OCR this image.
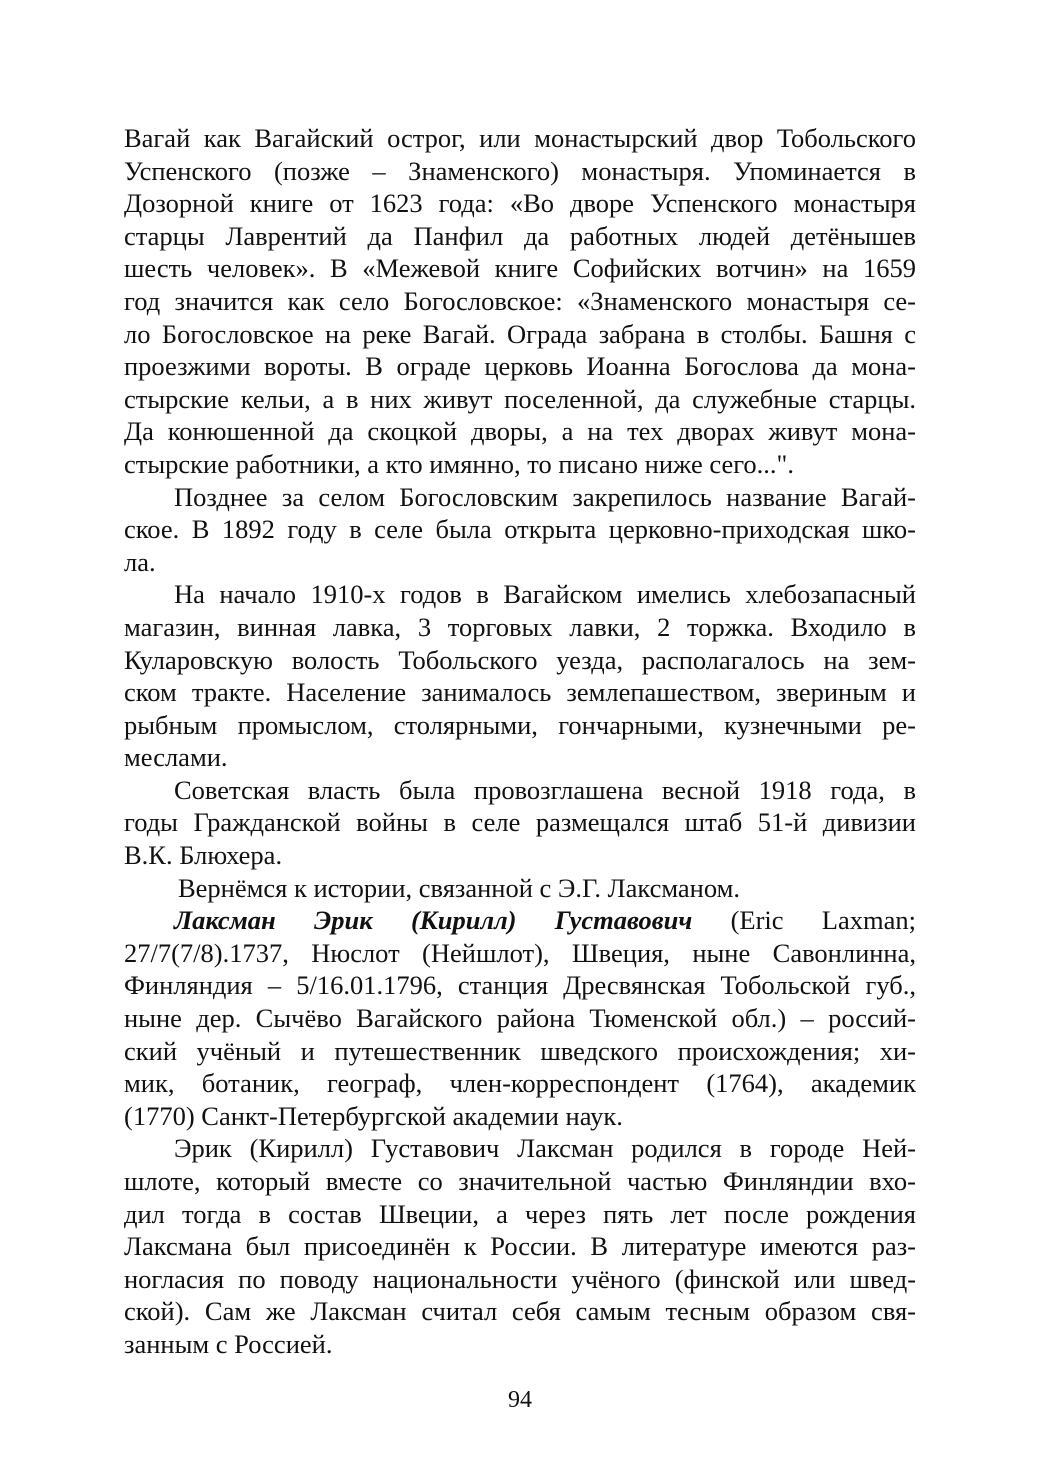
Вагай как Вагайский острог, или монастырский двор Тобольского
Успенского (позже – Знаменского) монастыря. Упоминается в
Дозорной книге от 1623 года: «Во дворе Успенского монастыря
старцы Лаврентий да Панфил да работных людей детёнышев
шесть человек». В «Межевой книге Софийских вотчин» на 1659
год значится как село Богословское: «Знаменского монастыря се-
ло Богословское на реке Вагай. Ограда забрана в столбы. Башня с
проезжими вороты. В ограде церковь Иоанна Богослова да мона-
стырские кельи, а в них живут поселенной, да служебные старцы.
Да конюшенной да скоцкой дворы, а на тех дворах живут мона-
стырские работники, а кто имянно, то писано ниже сего...".
Позднее за селом Богословским закрепилось название Вагай-
ское. В 1892 году в селе была открыта церковно-приходская шко-
ла.
На начало 1910-х годов в Вагайском имелись хлебозапасный
магазин, винная лавка, 3 торговых лавки, 2 торжка. Входило в
Куларовскую волость Тобольского уезда, располагалось на зем-
ском тракте. Население занималось землепашеством, звериным и
рыбным промыслом, столярными, гончарными, кузнечными ре-
меслами.
Советская власть была провозглашена весной 1918 года, в
годы Гражданской войны в селе размещался штаб 51-й дивизии
В.К. Блюхера.
Вернёмся к истории, связанной с Э.Г. Лаксманом.
Лаксман Эрик (Кирилл) Густавович (Eric Laxman;
27/7(7/8).1737, Нюслот (Нейшлот), Швеция, ныне Савонлинна,
Финляндия – 5/16.01.1796, станция Дресвянская Тобольской губ.,
ныне дер. Сычёво Вагайского района Тюменской обл.) – россий-
ский учёный и путешественник шведского происхождения; хи-
мик, ботаник, географ, член-корреспондент (1764), академик
(1770) Санкт-Петербургской академии наук.
Эрик (Кирилл) Густавович Лаксман родился в городе Ней-
шлоте, который вместе со значительной частью Финляндии вхо-
дил тогда в состав Швеции, а через пять лет после рождения
Лаксмана был присоединён к России. В литературе имеются раз-
ногласия по поводу национальности учёного (финской или швед-
ской). Сам же Лаксман считал себя самым тесным образом свя-
занным с Россией.
94
